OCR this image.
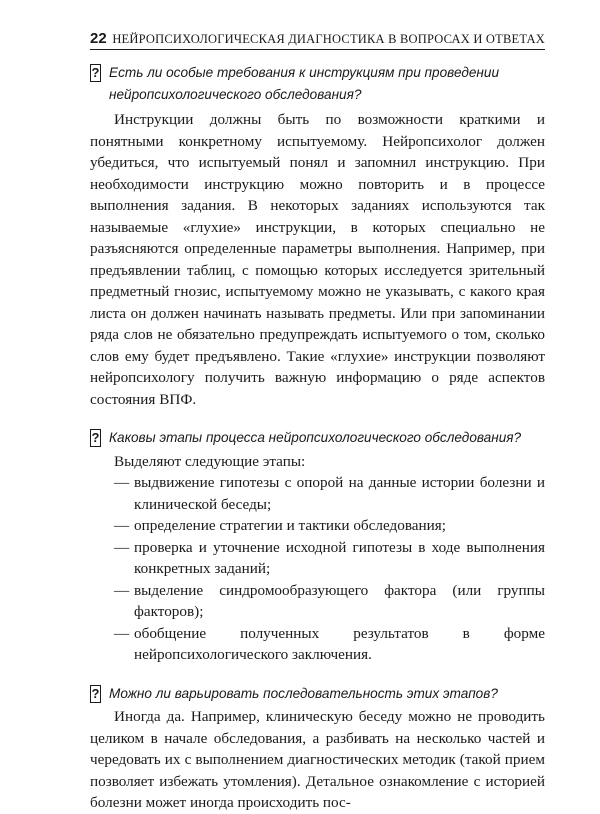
22 НЕЙРОПСИХОЛОГИЧЕСКАЯ ДИАГНОСТИКА В ВОПРОСАХ И ОТВЕТАХ
? Есть ли особые требования к инструкциям при проведении нейропсихологического обследования?

Инструкции должны быть по возможности краткими и понятными конкретному испытуемому. Нейропсихолог должен убедиться, что испытуемый понял и запомнил инструкцию. При необходимости инструкцию можно повторить и в процессе выполнения задания. В некоторых заданиях используются так называемые «глухие» инструкции, в которых специально не разъясняются определенные параметры выполнения. Например, при предъявлении таблиц, с помощью которых исследуется зрительный предметный гнозис, испытуемому можно не указывать, с какого края листа он должен начинать называть предметы. Или при запоминании ряда слов не обязательно предупреждать испытуемого о том, сколько слов ему будет предъявлено. Такие «глухие» инструкции позволяют нейропсихологу получить важную информацию о ряде аспектов состояния ВПФ.

? Каковы этапы процесса нейропсихологического обследования?
Выделяют следующие этапы:
— выдвижение гипотезы с опорой на данные истории болезни и клинической беседы;
— определение стратегии и тактики обследования;
— проверка и уточнение исходной гипотезы в ходе выполнения конкретных заданий;
— выделение синдромообразующего фактора (или группы факторов);
— обобщение полученных результатов в форме нейропсихологического заключения.
? Можно ли варьировать последовательность этих этапов?

Иногда да. Например, клиническую беседу можно не проводить целиком в начале обследования, а разбивать на несколько частей и чередовать их с выполнением диагностических методик (такой прием позволяет избежать утомления). Детальное ознакомление с историей болезни может иногда происходить пос-
